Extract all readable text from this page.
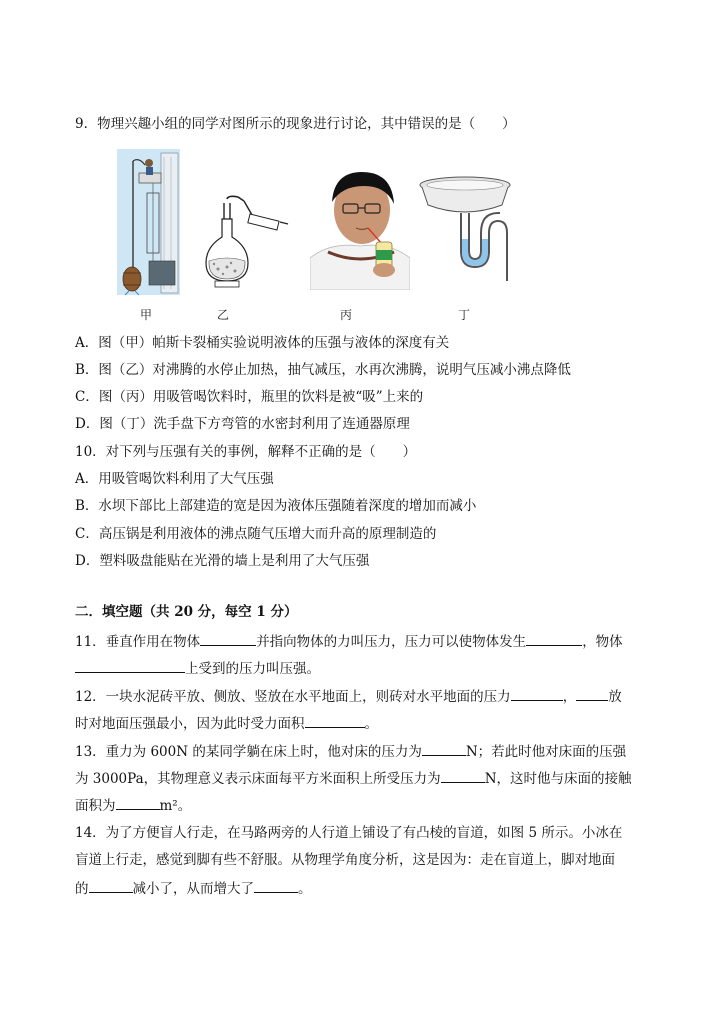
9．物理兴趣小组的同学对图所示的现象进行讨论，其中错误的是（　　）
甲	乙	丙	丁
A．图（甲）帕斯卡裂桶实验说明液体的压强与液体的深度有关
B．图（乙）对沸腾的水停止加热，抽气减压，水再次沸腾，说明气压减小沸点降低
C．图（丙）用吸管喝饮料时，瓶里的饮料是被“吸”上来的
D．图（丁）洗手盘下方弯管的水密封利用了连通器原理
10．对下列与压强有关的事例，解释不正确的是（　　）
A．用吸管喝饮料利用了大气压强
B．水坝下部比上部建造的宽是因为液体压强随着深度的增加而减小
C．高压锅是利用液体的沸点随气压增大而升高的原理制造的
D．塑料吸盘能贴在光滑的墙上是利用了大气压强
二．填空题（共 20 分，每空 1 分）
11．垂直作用在物体	并指向物体的力叫压力，压力可以使物体发生	，物体
上受到的压力叫压强。
12．一块水泥砖平放、侧放、竖放在水平地面上，则砖对水平地面的压力	， 放
时对地面压强最小，因为此时受力面积	。
13．重力为 600N 的某同学躺在床上时，他对床的压力为	N；若此时他对床面的压强
为 3000Pa，其物理意义表示床面每平方米面积上所受压力为	N，这时他与床面的接触
面积为	m²。
14．为了方便盲人行走，在马路两旁的人行道上铺设了有凸棱的盲道，如图 5 所示。小冰在
盲道上行走，感觉到脚有些不舒服。从物理学角度分析，这是因为：走在盲道上，脚对地面
的	减小了，从而增大了	。
